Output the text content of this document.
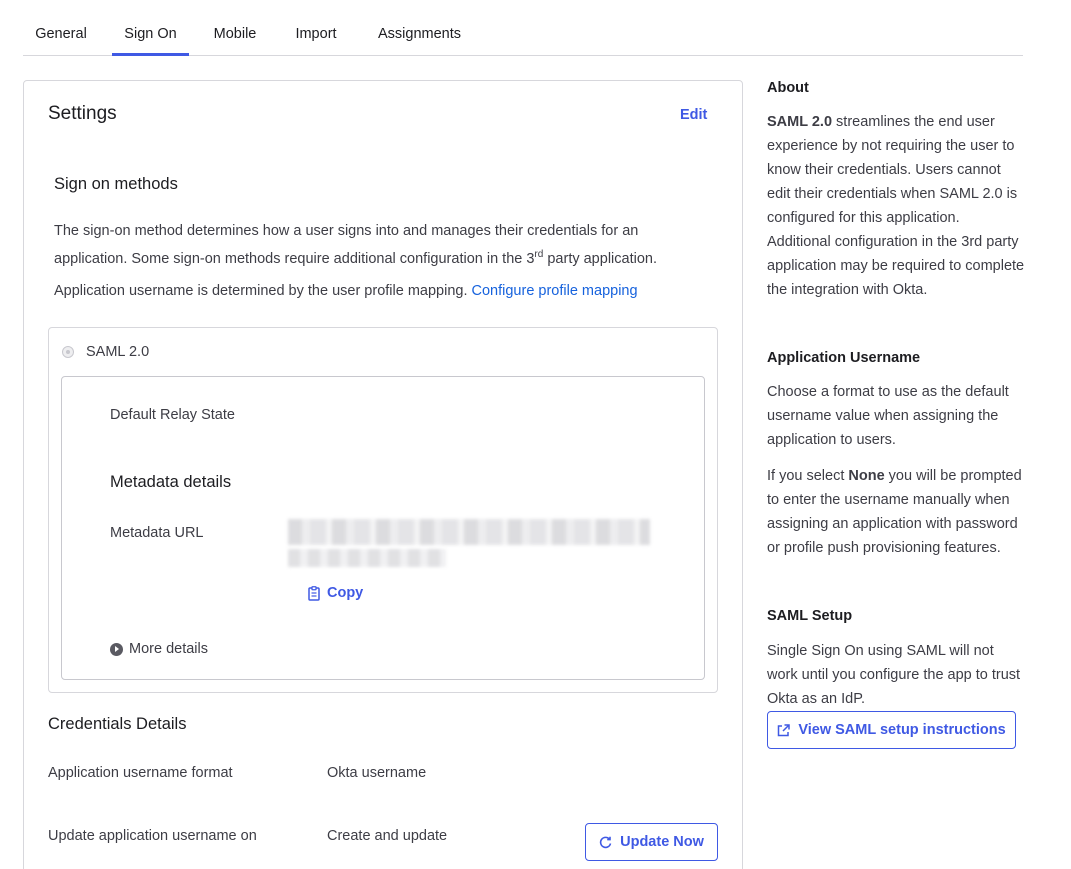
General	Sign On	Mobile	Import	Assignments
Settings	Edit
Sign on methods
The sign-on method determines how a user signs into and manages their credentials for an application. Some sign-on methods require additional configuration in the 3rd party application.
Application username is determined by the user profile mapping. Configure profile mapping
SAML 2.0
Default Relay State
Metadata details
Metadata URL
Copy
More details
Credentials Details
Application username format	Okta username
Update application username on	Create and update	Update Now
About
SAML 2.0 streamlines the end user experience by not requiring the user to know their credentials. Users cannot edit their credentials when SAML 2.0 is configured for this application. Additional configuration in the 3rd party application may be required to complete the integration with Okta.
Application Username
Choose a format to use as the default username value when assigning the application to users.
If you select None you will be prompted to enter the username manually when assigning an application with password or profile push provisioning features.
SAML Setup
Single Sign On using SAML will not work until you configure the app to trust Okta as an IdP.
View SAML setup instructions
